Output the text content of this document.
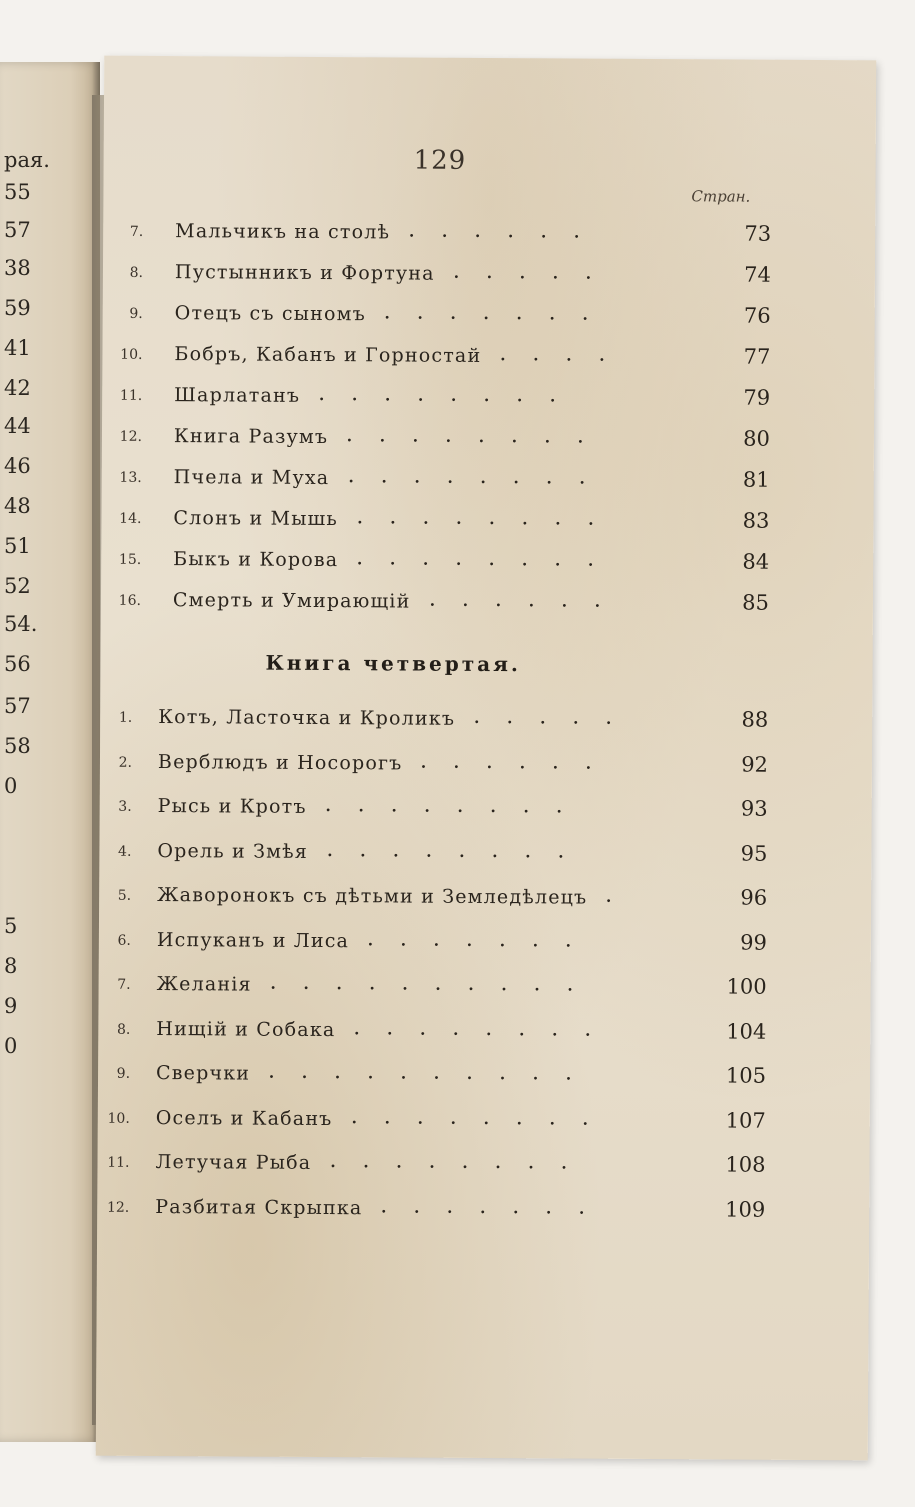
рая.
55
57
38
59
41
42
44
46
48
51
52
54.
56
57
58
0
5
8
9
0
129
Стран.
Книга четвертая.
7. Мальчикъ на столѣ ......	73
8. Пустынникъ и Фортуна .....	74
9. Отецъ съ сыномъ .......	76
10. Бобръ, Кабанъ и Горностай ....	77
11. Шарлатанъ ........	79
12. Книга Разумъ ........	80
13. Пчела и Муха ........	81
14. Слонъ и Мышь ........	83
15. Быкъ и Корова ........	84
16. Смерть и Умирающій ......	85
1. Котъ, Ласточка и Кроликъ .....	88
2. Верблюдъ и Носорогъ ......	92
3. Рысь и Кротъ ........	93
4. Орель и Змѣя ........	95
5. Жаворонокъ съ дѣтьми и Земледѣлецъ .	96
6. Испуканъ и Лиса .......	99
7. Желанія ..........	100
8. Нищій и Собака ........	104
9. Сверчки ..........	105
10. Оселъ и Кабанъ ........	107
11. Летучая Рыба ........	108
12. Разбитая Скрыпка .......	109
